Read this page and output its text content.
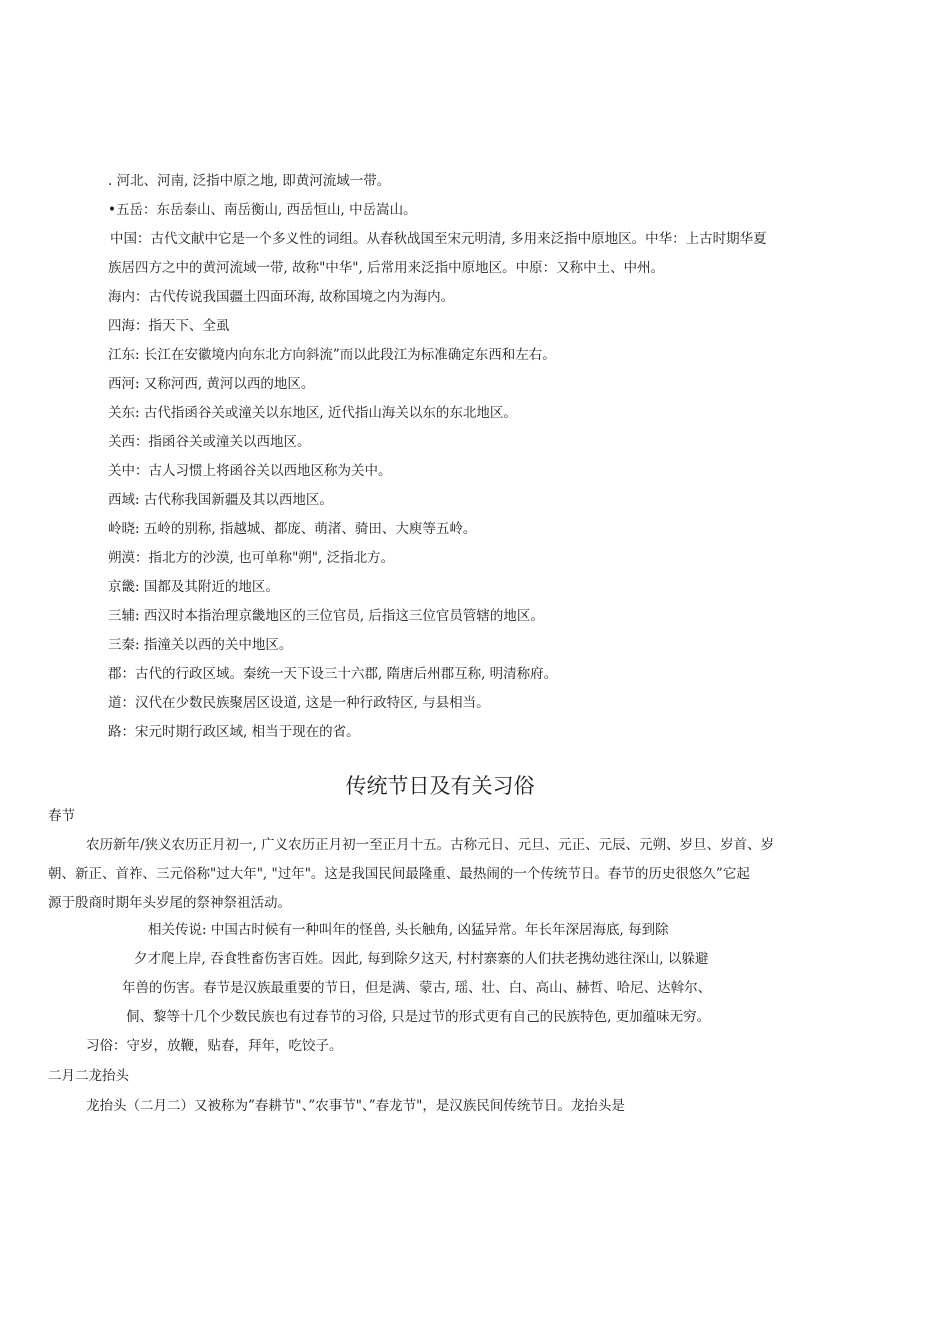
. 河北、河南, 泛指中原之地, 即黄河流域一带。
•五岳：东岳泰山、南岳衡山, 西岳恒山, 中岳嵩山。
中国：古代文献中它是一个多义性的词组。从春秋战国至宋元明清, 多用来泛指中原地区。中华：上古时期华夏
族居四方之中的黄河流域一带, 故称"中华", 后常用来泛指中原地区。中原：又称中土、中州。
海内：古代传说我国疆土四面环海, 故称国境之内为海内。
四海：指天下、全虱
江东: 长江在安徽境内向东北方向斜流”而以此段江为标准确定东西和左右。
西河: 又称河西, 黄河以西的地区。
关东: 古代指函谷关或潼关以东地区, 近代指山海关以东的东北地区。
关西：指函谷关或潼关以西地区。
关中：古人习惯上将函谷关以西地区称为关中。
西域: 古代称我国新疆及其以西地区。
岭晓: 五岭的别称, 指越城、都庞、萌渚、骑田、大庾等五岭。
朔漠：指北方的沙漠, 也可单称"朔", 泛指北方。
京畿: 国都及其附近的地区。
三辅: 西汉时本指治理京畿地区的三位官员, 后指这三位官员管辖的地区。
三秦: 指潼关以西的关中地区。
郡：古代的行政区域。秦统一天下设三十六郡, 隋唐后州郡互称, 明清称府。
道：汉代在少数民族聚居区设道, 这是一种行政特区, 与县相当。
路：宋元时期行政区域, 相当于现在的省。
传统节日及有关习俗
春节
农历新年/狭义农历正月初一, 广义农历正月初一至正月十五。古称元日、元旦、元正、元辰、元朔、岁旦、岁首、岁
朝、新正、首祚、三元俗称"过大年", "过年"。这是我国民间最隆重、最热闹的一个传统节日。春节的历史很悠久”它起
源于殷商时期年头岁尾的祭神祭祖活动。
相关传说: 中国古时候有一种叫年的怪兽, 头长触角, 凶猛异常。年长年深居海底, 每到除
夕才爬上岸, 吞食牲畜伤害百姓。因此, 每到除夕这天, 村村寨寨的人们扶老携幼逃往深山, 以躲避
年兽的伤害。春节是汉族最重要的节日，但是满、蒙古, 瑶、壮、白、高山、赫哲、哈尼、达斡尔、
侗、黎等十几个少数民族也有过春节的习俗, 只是过节的形式更有自己的民族特色, 更加蕴味无穷。
习俗：守岁，放鞭，贴春，拜年，吃饺子。
二月二龙抬头
龙抬头（二月二）又被称为”春耕节"、”农事节"、”春龙节"，是汉族民间传统节日。龙抬头是
